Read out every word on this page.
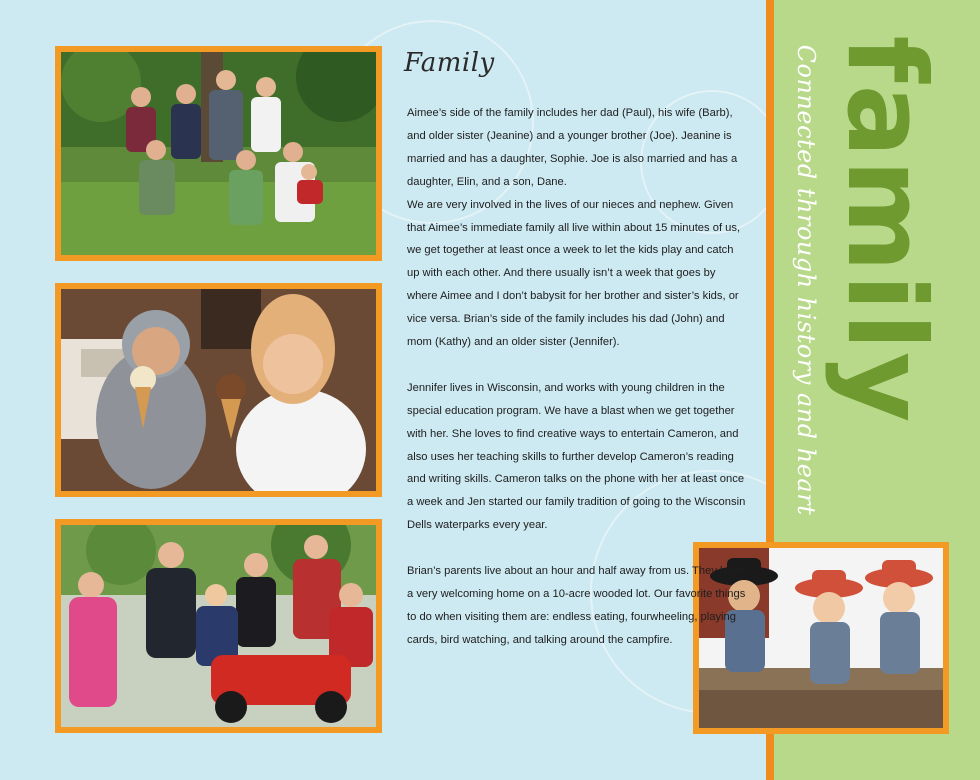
family
Connected through history and heart
Family

Aimee’s side of the family includes her dad (Paul), his wife (Barb), and older sister (Jeanine) and a younger brother (Joe). Jeanine is married and has a daughter, Sophie. Joe is also married and has a daughter, Elin, and a son, Dane.

We are very involved in the lives of our nieces and nephew. Given that Aimee’s immediate family all live within about 15 minutes of us, we get together at least once a week to let the kids play and catch up with each other. And there usually isn’t a week that goes by where Aimee and I don’t babysit for her brother and sister’s kids, or vice versa. Brian’s side of the family includes his dad (John) and mom (Kathy) and an older sister (Jennifer).

Jennifer lives in Wisconsin, and works with young children in the special education program. We have a blast when we get together with her. She loves to find creative ways to entertain Cameron, and also uses her teaching skills to further develop Cameron’s reading and writing skills. Cameron talks on the phone with her at least once a week and Jen started our family tradition of going to the Wisconsin Dells waterparks every year.

Brian’s parents live about an hour and half away from us. They have a very welcoming home on a 10-acre wooded lot. Our favorite things to do when visiting them are: endless eating, fourwheeling, playing cards, bird watching, and talking around the campfire.
